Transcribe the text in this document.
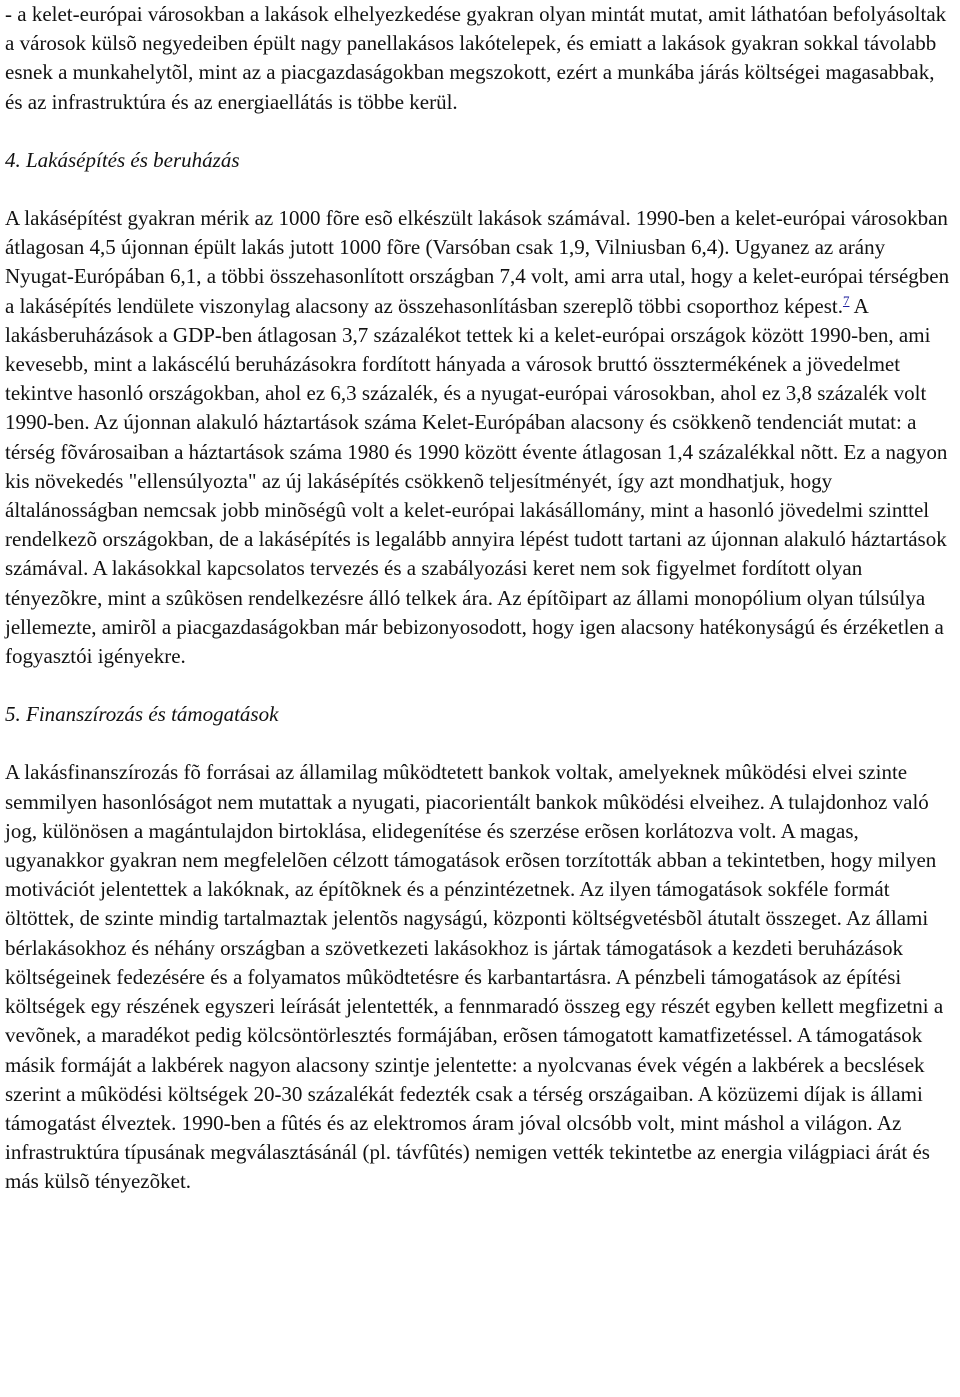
- a kelet-európai városokban a lakások elhelyezkedése gyakran olyan mintát mutat, amit láthatóan befolyásoltak a városok külsõ negyedeiben épült nagy panellakásos lakótelepek, és emiatt a lakások gyakran sokkal távolabb esnek a munkahelytõl, mint az a piacgazdaságokban megszokott, ezért a munkába járás költségei magasabbak, és az infrastruktúra és az energiaellátás is többe kerül.

4. Lakásépítés és beruházás

A lakásépítést gyakran mérik az 1000 fõre esõ elkészült lakások számával. 1990-ben a kelet-európai városokban átlagosan 4,5 újonnan épült lakás jutott 1000 fõre (Varsóban csak 1,9, Vilniusban 6,4). Ugyanez az arány Nyugat-Európában 6,1, a többi összehasonlított országban 7,4 volt, ami arra utal, hogy a kelet-európai térségben a lakásépítés lendülete viszonylag alacsony az összehasonlításban szereplõ többi csoporthoz képest.$^7$ A lakásberuházások a GDP-ben átlagosan 3,7 százalékot tettek ki a kelet-európai országok között 1990-ben, ami kevesebb, mint a lakáscélú beruházásokra fordított hányada a városok bruttó össztermékének a jövedelmet tekintve hasonló országokban, ahol ez 6,3 százalék, és a nyugat-európai városokban, ahol ez 3,8 százalék volt 1990-ben. Az újonnan alakuló háztartások száma Kelet-Európában alacsony és csökkenõ tendenciát mutat: a térség fõvárosaiban a háztartások száma 1980 és 1990 között évente átlagosan 1,4 százalékkal nõtt. Ez a nagyon kis növekedés "ellensúlyozta" az új lakásépítés csökkenõ teljesítményét, így azt mondhatjuk, hogy általánosságban nemcsak jobb minõségû volt a kelet-európai lakásállomány, mint a hasonló jövedelmi szinttel rendelkezõ országokban, de a lakásépítés is legalább annyira lépést tudott tartani az újonnan alakuló háztartások számával. A lakásokkal kapcsolatos tervezés és a szabályozási keret nem sok figyelmet fordított olyan tényezõkre, mint a szûkösen rendelkezésre álló telkek ára. Az építõipart az állami monopólium olyan túlsúlya jellemezte, amirõl a piacgazdaságokban már bebizonyosodott, hogy igen alacsony hatékonyságú és érzéketlen a fogyasztói igényekre.

5. Finanszírozás és támogatások

A lakásfinanszírozás fõ forrásai az államilag mûködtetett bankok voltak, amelyeknek mûködési elvei szinte semmilyen hasonlóságot nem mutattak a nyugati, piacorientált bankok mûködési elveihez. A tulajdonhoz való jog, különösen a magántulajdon birtoklása, elidegenítése és szerzése erõsen korlátozva volt. A magas, ugyanakkor gyakran nem megfelelõen célzott támogatások erõsen torzították abban a tekintetben, hogy milyen motivációt jelentettek a lakóknak, az építõknek és a pénzintézetnek. Az ilyen támogatások sokféle formát öltöttek, de szinte mindig tartalmaztak jelentõs nagyságú, központi költségvetésbõl átutalt összeget. Az állami bérlakásokhoz és néhány országban a szövetkezeti lakásokhoz is jártak támogatások a kezdeti beruházások költségeinek fedezésére és a folyamatos mûködtetésre és karbantartásra. A pénzbeli támogatások az építési költségek egy részének egyszeri leírását jelentették, a fennmaradó összeg egy részét egyben kellett megfizetni a vevõnek, a maradékot pedig kölcsöntörlesztés formájában, erõsen támogatott kamatfizetéssel. A támogatások másik formáját a lakbérek nagyon alacsony szintje jelentette: a nyolcvanas évek végén a lakbérek a becslések szerint a mûködési költségek 20-30 százalékát fedezték csak a térség országaiban. A közüzemi díjak is állami támogatást élveztek. 1990-ben a fûtés és az elektromos áram jóval olcsóbb volt, mint máshol a világon. Az infrastruktúra típusának megválasztásánál (pl. távfûtés) nemigen vették tekintetbe az energia világpiaci árát és más külsõ tényezõket.
